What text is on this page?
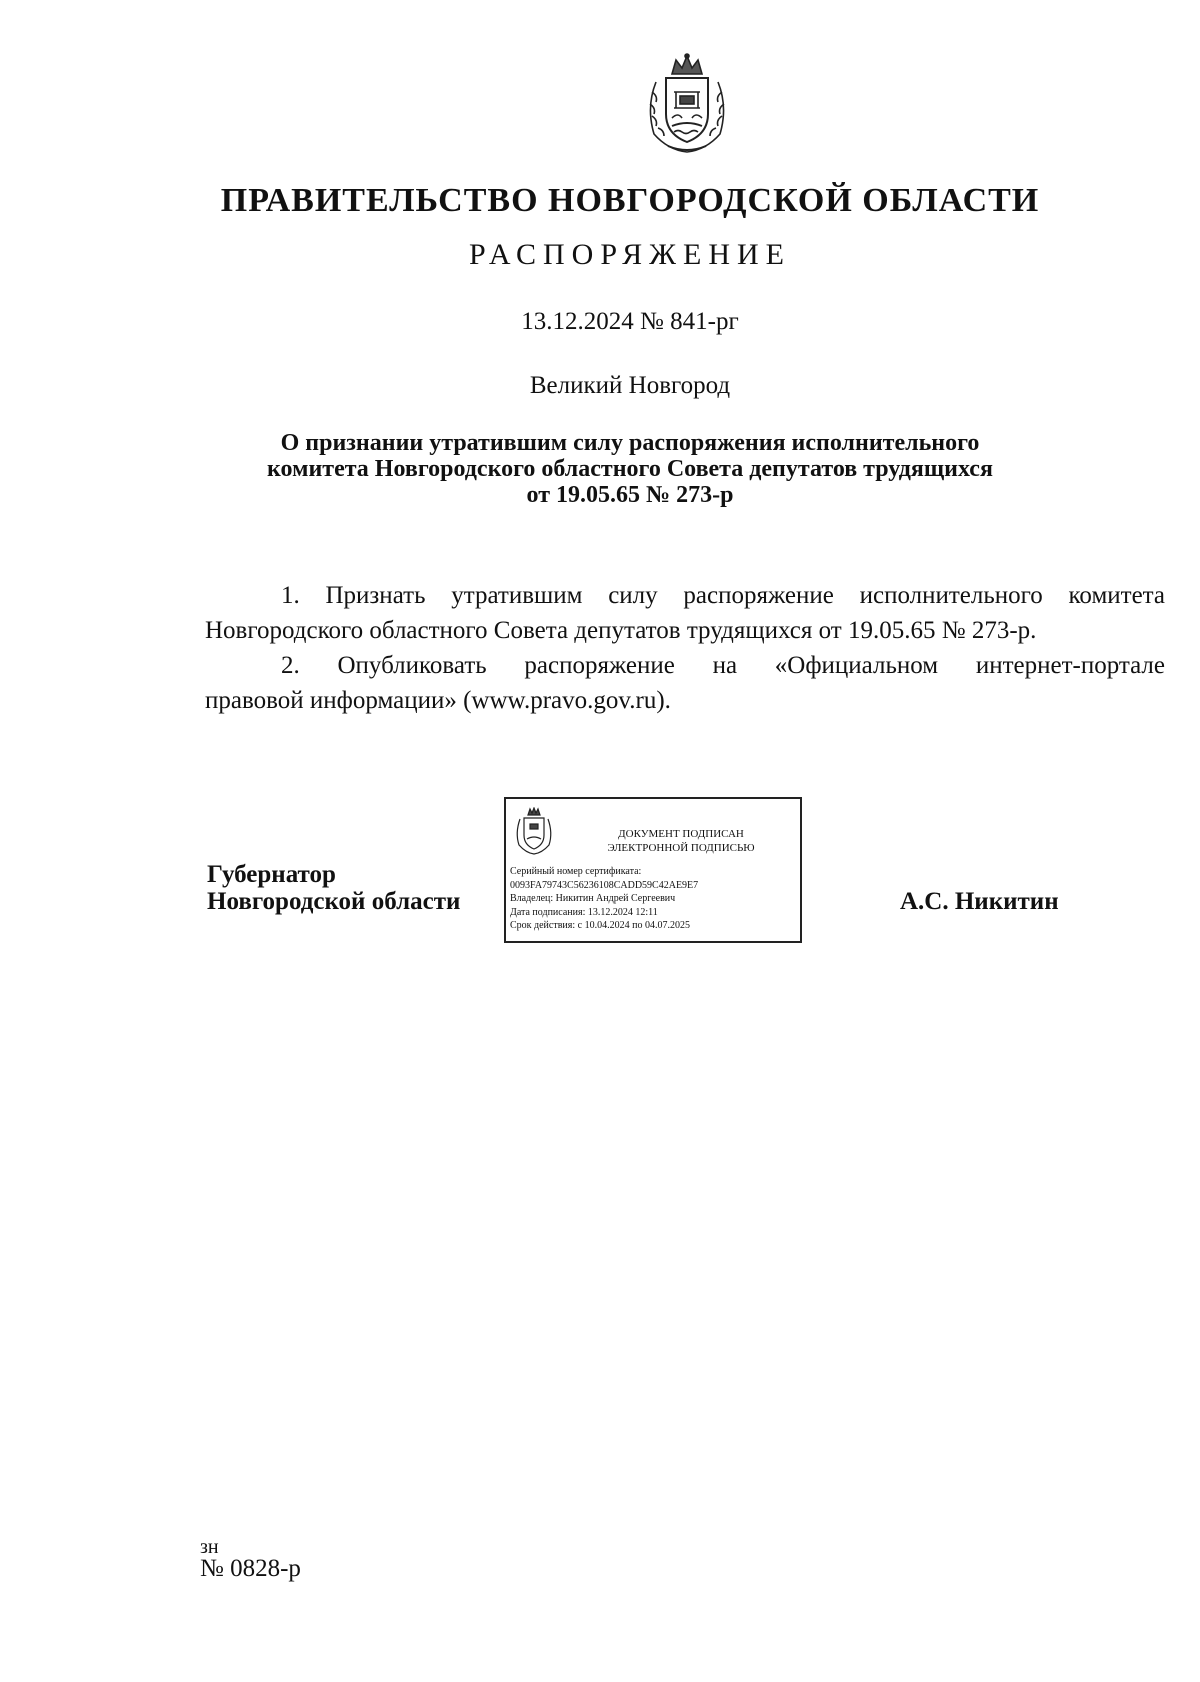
ПРАВИТЕЛЬСТВО НОВГОРОДСКОЙ ОБЛАСТИ
РАСПОРЯЖЕНИЕ
13.12.2024 № 841-рг
Великий Новгород
О признании утратившим силу распоряжения исполнительного
комитета Новгородского областного Совета депутатов трудящихся
от 19.05.65 № 273-р

1. Признать утратившим силу распоряжение исполнительного комитета
Новгородского областного Совета депутатов трудящихся от 19.05.65 № 273-р.

2. Опубликовать распоряжение на «Официальном интернет-портале
правовой информации» (www.pravo.gov.ru).

Губернатор
Новгородской области
ДОКУМЕНТ ПОДПИСАН
ЭЛЕКТРОННОЙ ПОДПИСЬЮ
Серийный номер сертификата:
0093FA79743C56236108CADD59C42AE9E7
Владелец: Никитин Андрей Сергеевич
Дата подписания: 13.12.2024 12:11
Срок действия: с 10.04.2024 по 04.07.2025
А.С. Никитин
зн
№ 0828-р
